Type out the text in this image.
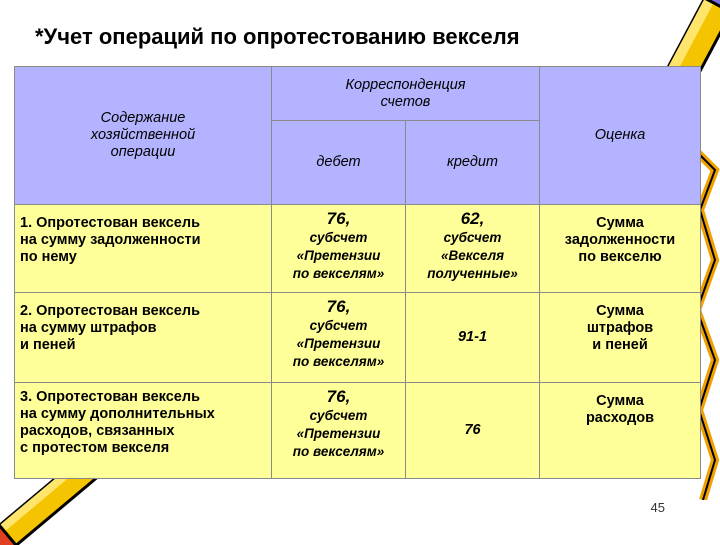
*Учет операций по опротестованию векселя
Содержание
хозяйственной
операции	Корреспонденция
счетов		Оценка
	дебет	кредит	

1. Опротестован вексель
на сумму задолженности
по нему	76,
субсчет
«Претензии
по векселям»	62,
субсчет
«Векселя
полученные»	Сумма
задолженности
по векселю

2. Опротестован вексель
на сумму штрафов
и пеней	76,
субсчет
«Претензии
по векселям»	91-1	Сумма
штрафов
и пеней

3. Опротестован вексель
на сумму дополнительных
расходов, связанных
с протестом векселя	76,
субсчет
«Претензии
по векселям»	76	Сумма
расходов
45
